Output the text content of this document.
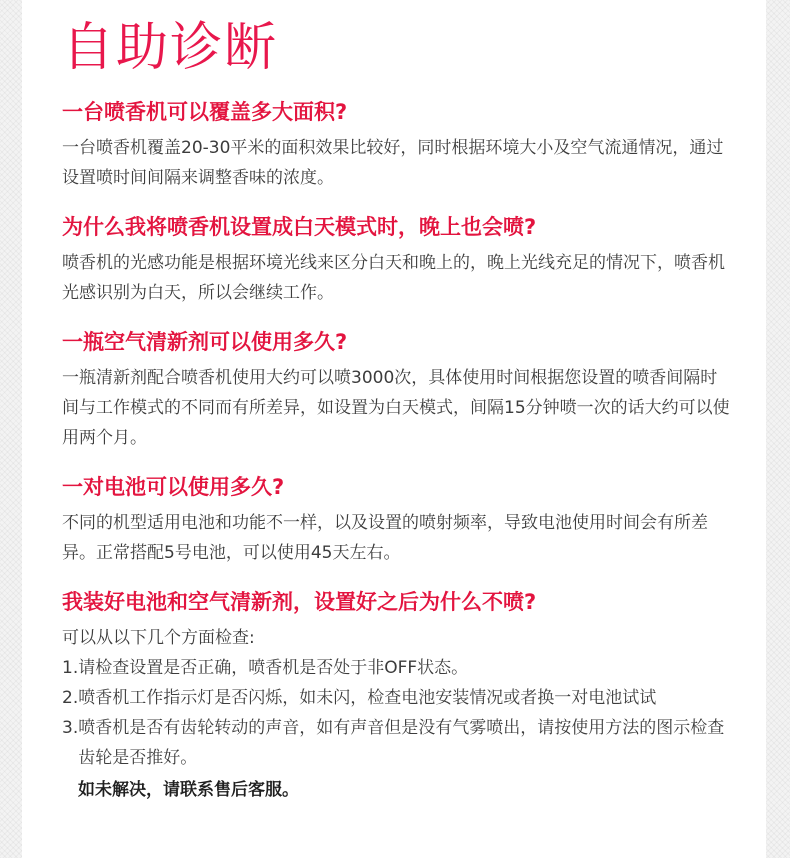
自助诊断
一台喷香机可以覆盖多大面积?

一台喷香机覆盖20-30平米的面积效果比较好，同时根据环境大小及空气流通情况，通过设置喷时间间隔来调整香味的浓度。

为什么我将喷香机设置成白天模式时，晚上也会喷?

喷香机的光感功能是根据环境光线来区分白天和晚上的，晚上光线充足的情况下，喷香机光感识别为白天，所以会继续工作。

一瓶空气清新剂可以使用多久?

一瓶清新剂配合喷香机使用大约可以喷3000次，具体使用时间根据您设置的喷香间隔时间与工作模式的不同而有所差异，如设置为白天模式，间隔15分钟喷一次的话大约可以使用两个月。

一对电池可以使用多久?

不同的机型适用电池和功能不一样，以及设置的喷射频率，导致电池使用时间会有所差异。正常搭配5号电池，可以使用45天左右。

我装好电池和空气清新剂，设置好之后为什么不喷?
可以从以下几个方面检查:
1. 请检查设置是否正确，喷香机是否处于非OFF状态。
2. 喷香机工作指示灯是否闪烁，如未闪，检查电池安装情况或者换一对电池试试
3. 喷香机是否有齿轮转动的声音，如有声音但是没有气雾喷出，请按使用方法的图示检查齿轮是否推好。
如未解决，请联系售后客服。
